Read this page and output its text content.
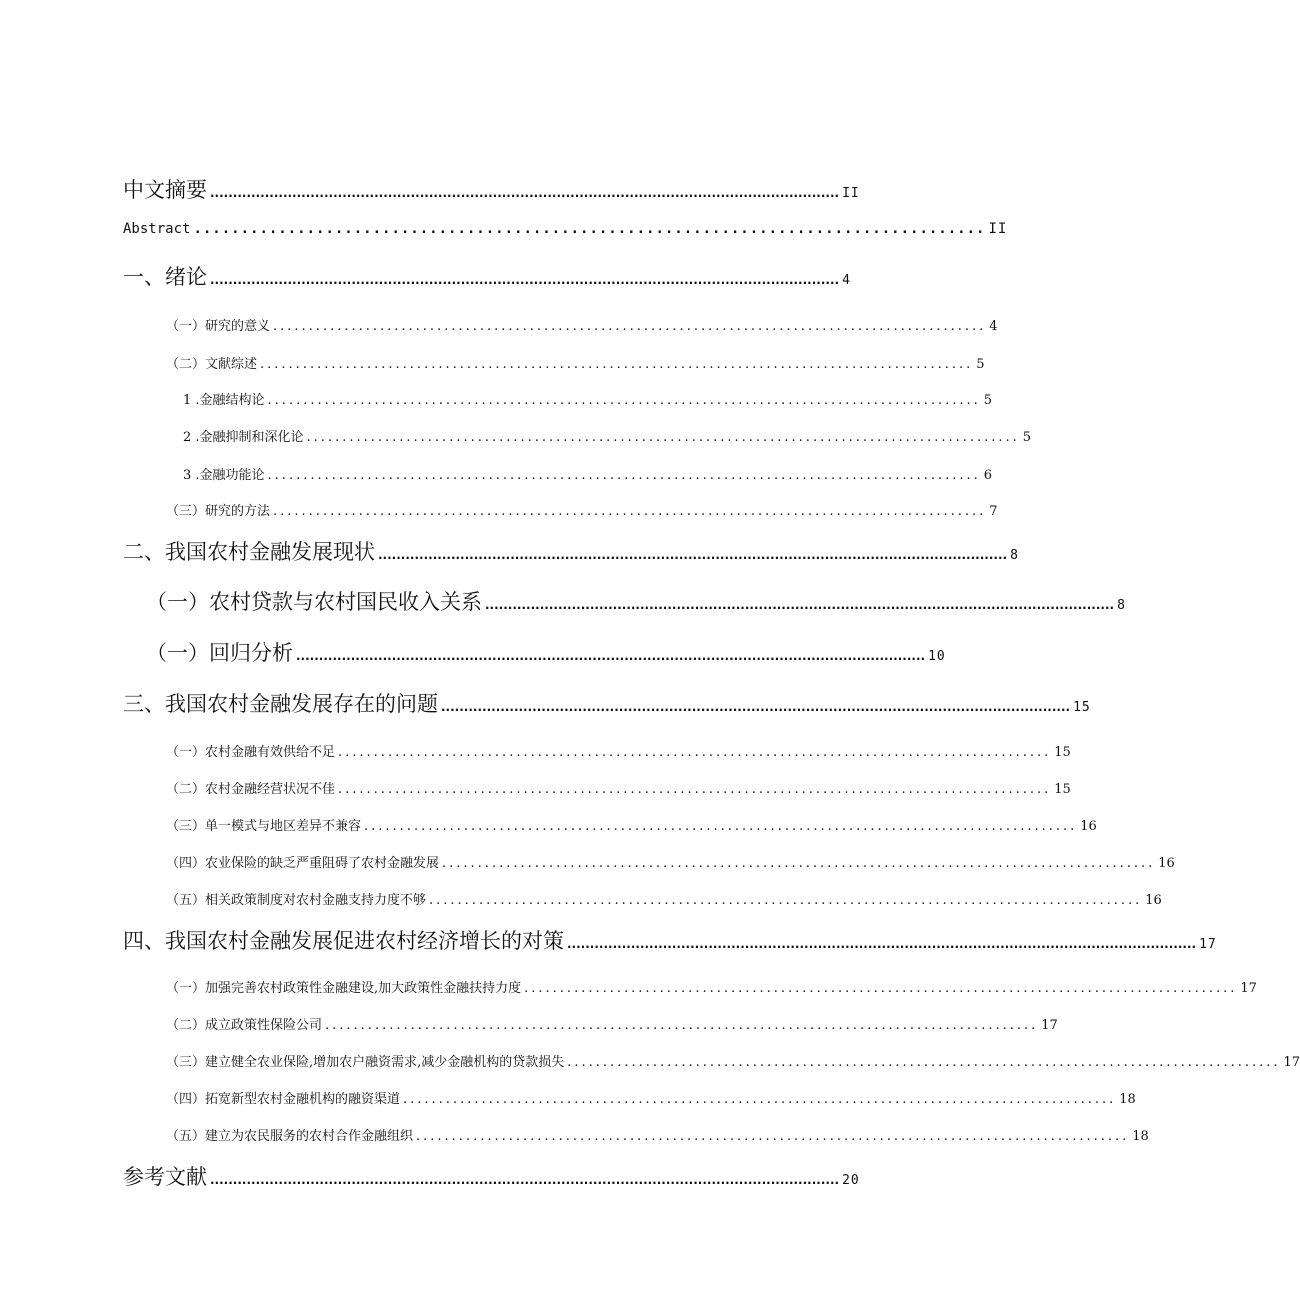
中文摘要 .......................................................................................................................................... II
Abstract .................................................................................... II
一、绪论 .......................................................................................................................................... 4
（一）研究的意义 .................................................................................................... 4
（二）文献综述 .................................................................................................... 5
1 .金融结构论 .................................................................................................... 5
2 .金融抑制和深化论 .................................................................................................... 5
3 .金融功能论 .................................................................................................... 6
（三）研究的方法 .................................................................................................... 7
二、我国农村金融发展现状 .......................................................................................................................................... 8
（一）农村贷款与农村国民收入关系 .......................................................................................................................................... 8
（一）回归分析 .......................................................................................................................................... 10
三、我国农村金融发展存在的问题 .......................................................................................................................................... 15
（一）农村金融有效供给不足 .................................................................................................... 15
（二）农村金融经营状况不佳 .................................................................................................... 15
（三）单一模式与地区差异不兼容 .................................................................................................... 16
（四）农业保险的缺乏严重阻碍了农村金融发展 .................................................................................................... 16
（五）相关政策制度对农村金融支持力度不够 .................................................................................................... 16
四、我国农村金融发展促进农村经济增长的对策 .......................................................................................................................................... 17
（一）加强完善农村政策性金融建设,加大政策性金融扶持力度 .................................................................................................... 17
（二）成立政策性保险公司 .................................................................................................... 17
（三）建立健全农业保险,增加农户融资需求,减少金融机构的贷款损失 .................................................................................................... 17
（四）拓宽新型农村金融机构的融资渠道 .................................................................................................... 18
（五）建立为农民服务的农村合作金融组织 .................................................................................................... 18
参考文献 .......................................................................................................................................... 20
